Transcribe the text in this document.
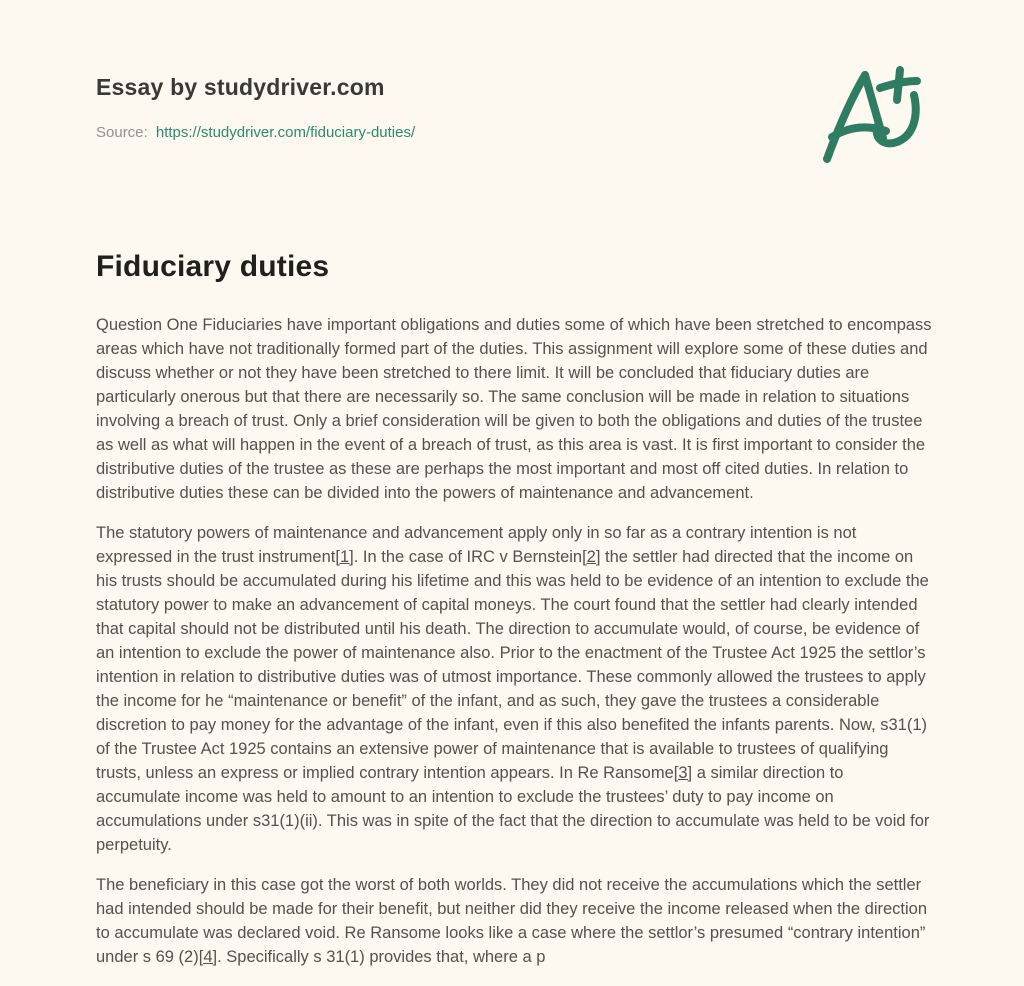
Essay by studydriver.com
Source: https://studydriver.com/fiduciary-duties/
Fiduciary duties

Question One Fiduciaries have important obligations and duties some of which have been stretched to encompass areas which have not traditionally formed part of the duties. This assignment will explore some of these duties and discuss whether or not they have been stretched to there limit. It will be concluded that fiduciary duties are particularly onerous but that there are necessarily so. The same conclusion will be made in relation to situations involving a breach of trust. Only a brief consideration will be given to both the obligations and duties of the trustee as well as what will happen in the event of a breach of trust, as this area is vast. It is first important to consider the distributive duties of the trustee as these are perhaps the most important and most off cited duties. In relation to distributive duties these can be divided into the powers of maintenance and advancement.

The statutory powers of maintenance and advancement apply only in so far as a contrary intention is not expressed in the trust instrument[1]. In the case of IRC v Bernstein[2] the settler had directed that the income on his trusts should be accumulated during his lifetime and this was held to be evidence of an intention to exclude the statutory power to make an advancement of capital moneys. The court found that the settler had clearly intended that capital should not be distributed until his death. The direction to accumulate would, of course, be evidence of an intention to exclude the power of maintenance also. Prior to the enactment of the Trustee Act 1925 the settlor’s intention in relation to distributive duties was of utmost importance. These commonly allowed the trustees to apply the income for he “maintenance or benefit” of the infant, and as such, they gave the trustees a considerable discretion to pay money for the advantage of the infant, even if this also benefited the infants parents. Now, s31(1) of the Trustee Act 1925 contains an extensive power of maintenance that is available to trustees of qualifying trusts, unless an express or implied contrary intention appears. In Re Ransome[3] a similar direction to accumulate income was held to amount to an intention to exclude the trustees’ duty to pay income on accumulations under s31(1)(ii). This was in spite of the fact that the direction to accumulate was held to be void for perpetuity.

The beneficiary in this case got the worst of both worlds. They did not receive the accumulations which the settler had intended should be made for their benefit, but neither did they receive the income released when the direction to accumulate was declared void. Re Ransome looks like a case where the settlor’s presumed “contrary intention” under s 69 (2)[4]. Specifically s 31(1) provides that, where a p
